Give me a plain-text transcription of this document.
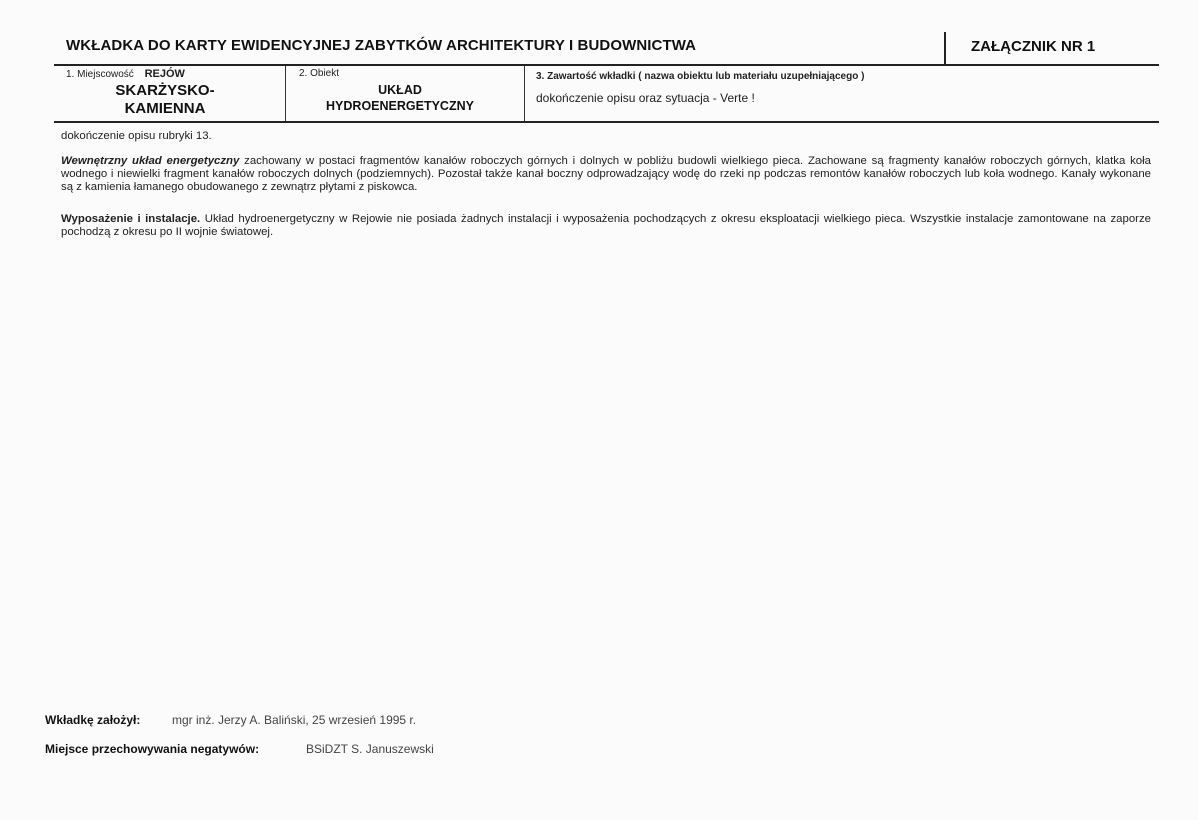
WKŁADKA DO KARTY EWIDENCYJNEJ ZABYTKÓW ARCHITEKTURY I BUDOWNICTWA	ZAŁĄCZNIK NR 1
1. Miejscowość REJÓW
SKARŻYSKO-
KAMIENNA
2. Obiekt
UKŁAD
HYDROENERGETYCZNY
3. Zawartość wkładki ( nazwa obiektu lub materiału uzupełniającego )
dokończenie opisu oraz sytuacja - Verte !
dokończenie opisu rubryki 13.
Wewnętrzny układ energetyczny zachowany w postaci fragmentów kanałów roboczych górnych i dolnych w pobliżu budowli wielkiego pieca. Zachowane są fragmenty kanałów roboczych górnych, klatka koła wodnego i niewielki fragment kanałów roboczych dolnych (podziemnych). Pozostał także kanał boczny odprowadzający wodę do rzeki np podczas remontów kanałów roboczych lub koła wodnego. Kanały wykonane są z kamienia łamanego obudowanego z zewnątrz płytami z piskowca.
Wyposażenie i instalacje. Układ hydroenergetyczny w Rejowie nie posiada żadnych instalacji i wyposażenia pochodzących z okresu eksploatacji wielkiego pieca. Wszystkie instalacje zamontowane na zaporze pochodzą z okresu po II wojnie światowej.
Wkładkę założył:	mgr inż. Jerzy A. Baliński, 25 wrzesień 1995 r.
Miejsce przechowywania negatywów:	BSiDZT S. Januszewski
